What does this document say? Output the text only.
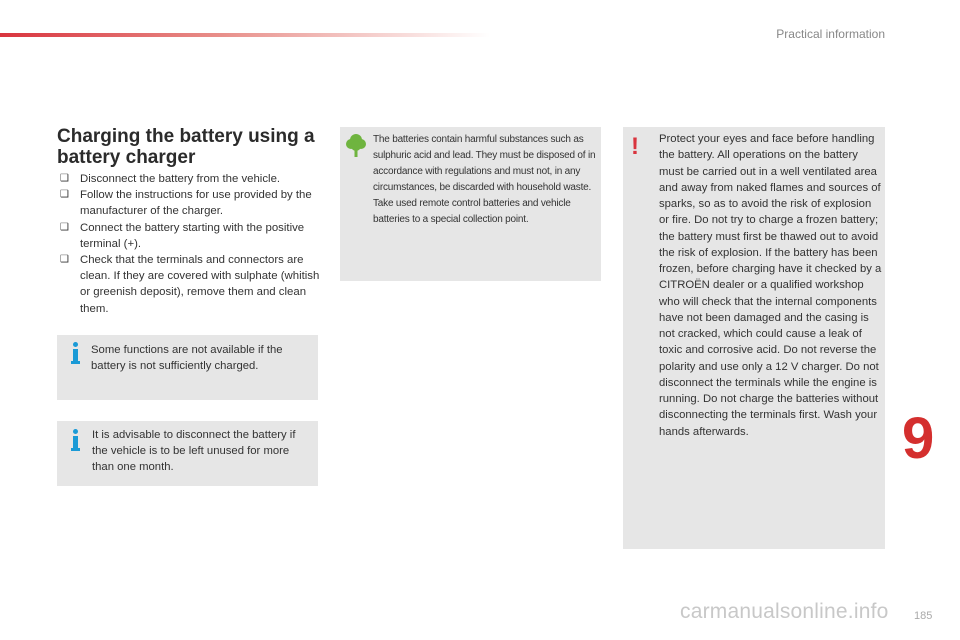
Practical information
Charging the battery using a battery charger
❑ Disconnect the battery from the vehicle.
❑ Follow the instructions for use provided by the manufacturer of the charger.
❑ Connect the battery starting with the positive terminal (+).
❑ Check that the terminals and connectors are clean. If they are covered with sulphate (whitish or greenish deposit), remove them and clean them.
Some functions are not available if the battery is not sufficiently charged.
It is advisable to disconnect the battery if the vehicle is to be left unused for more than one month.
The batteries contain harmful substances such as sulphuric acid and lead. They must be disposed of in accordance with regulations and must not, in any circumstances, be discarded with household waste. Take used remote control batteries and vehicle batteries to a special collection point.
! Protect your eyes and face before handling the battery. All operations on the battery must be carried out in a well ventilated area and away from naked flames and sources of sparks, so as to avoid the risk of explosion or fire. Do not try to charge a frozen battery; the battery must first be thawed out to avoid the risk of explosion. If the battery has been frozen, before charging have it checked by a CITROËN dealer or a qualified workshop who will check that the internal components have not been damaged and the casing is not cracked, which could cause a leak of toxic and corrosive acid. Do not reverse the polarity and use only a 12 V charger. Do not disconnect the terminals while the engine is running. Do not charge the batteries without disconnecting the terminals first. Wash your hands afterwards.	9
carmanualsonline.info 185
